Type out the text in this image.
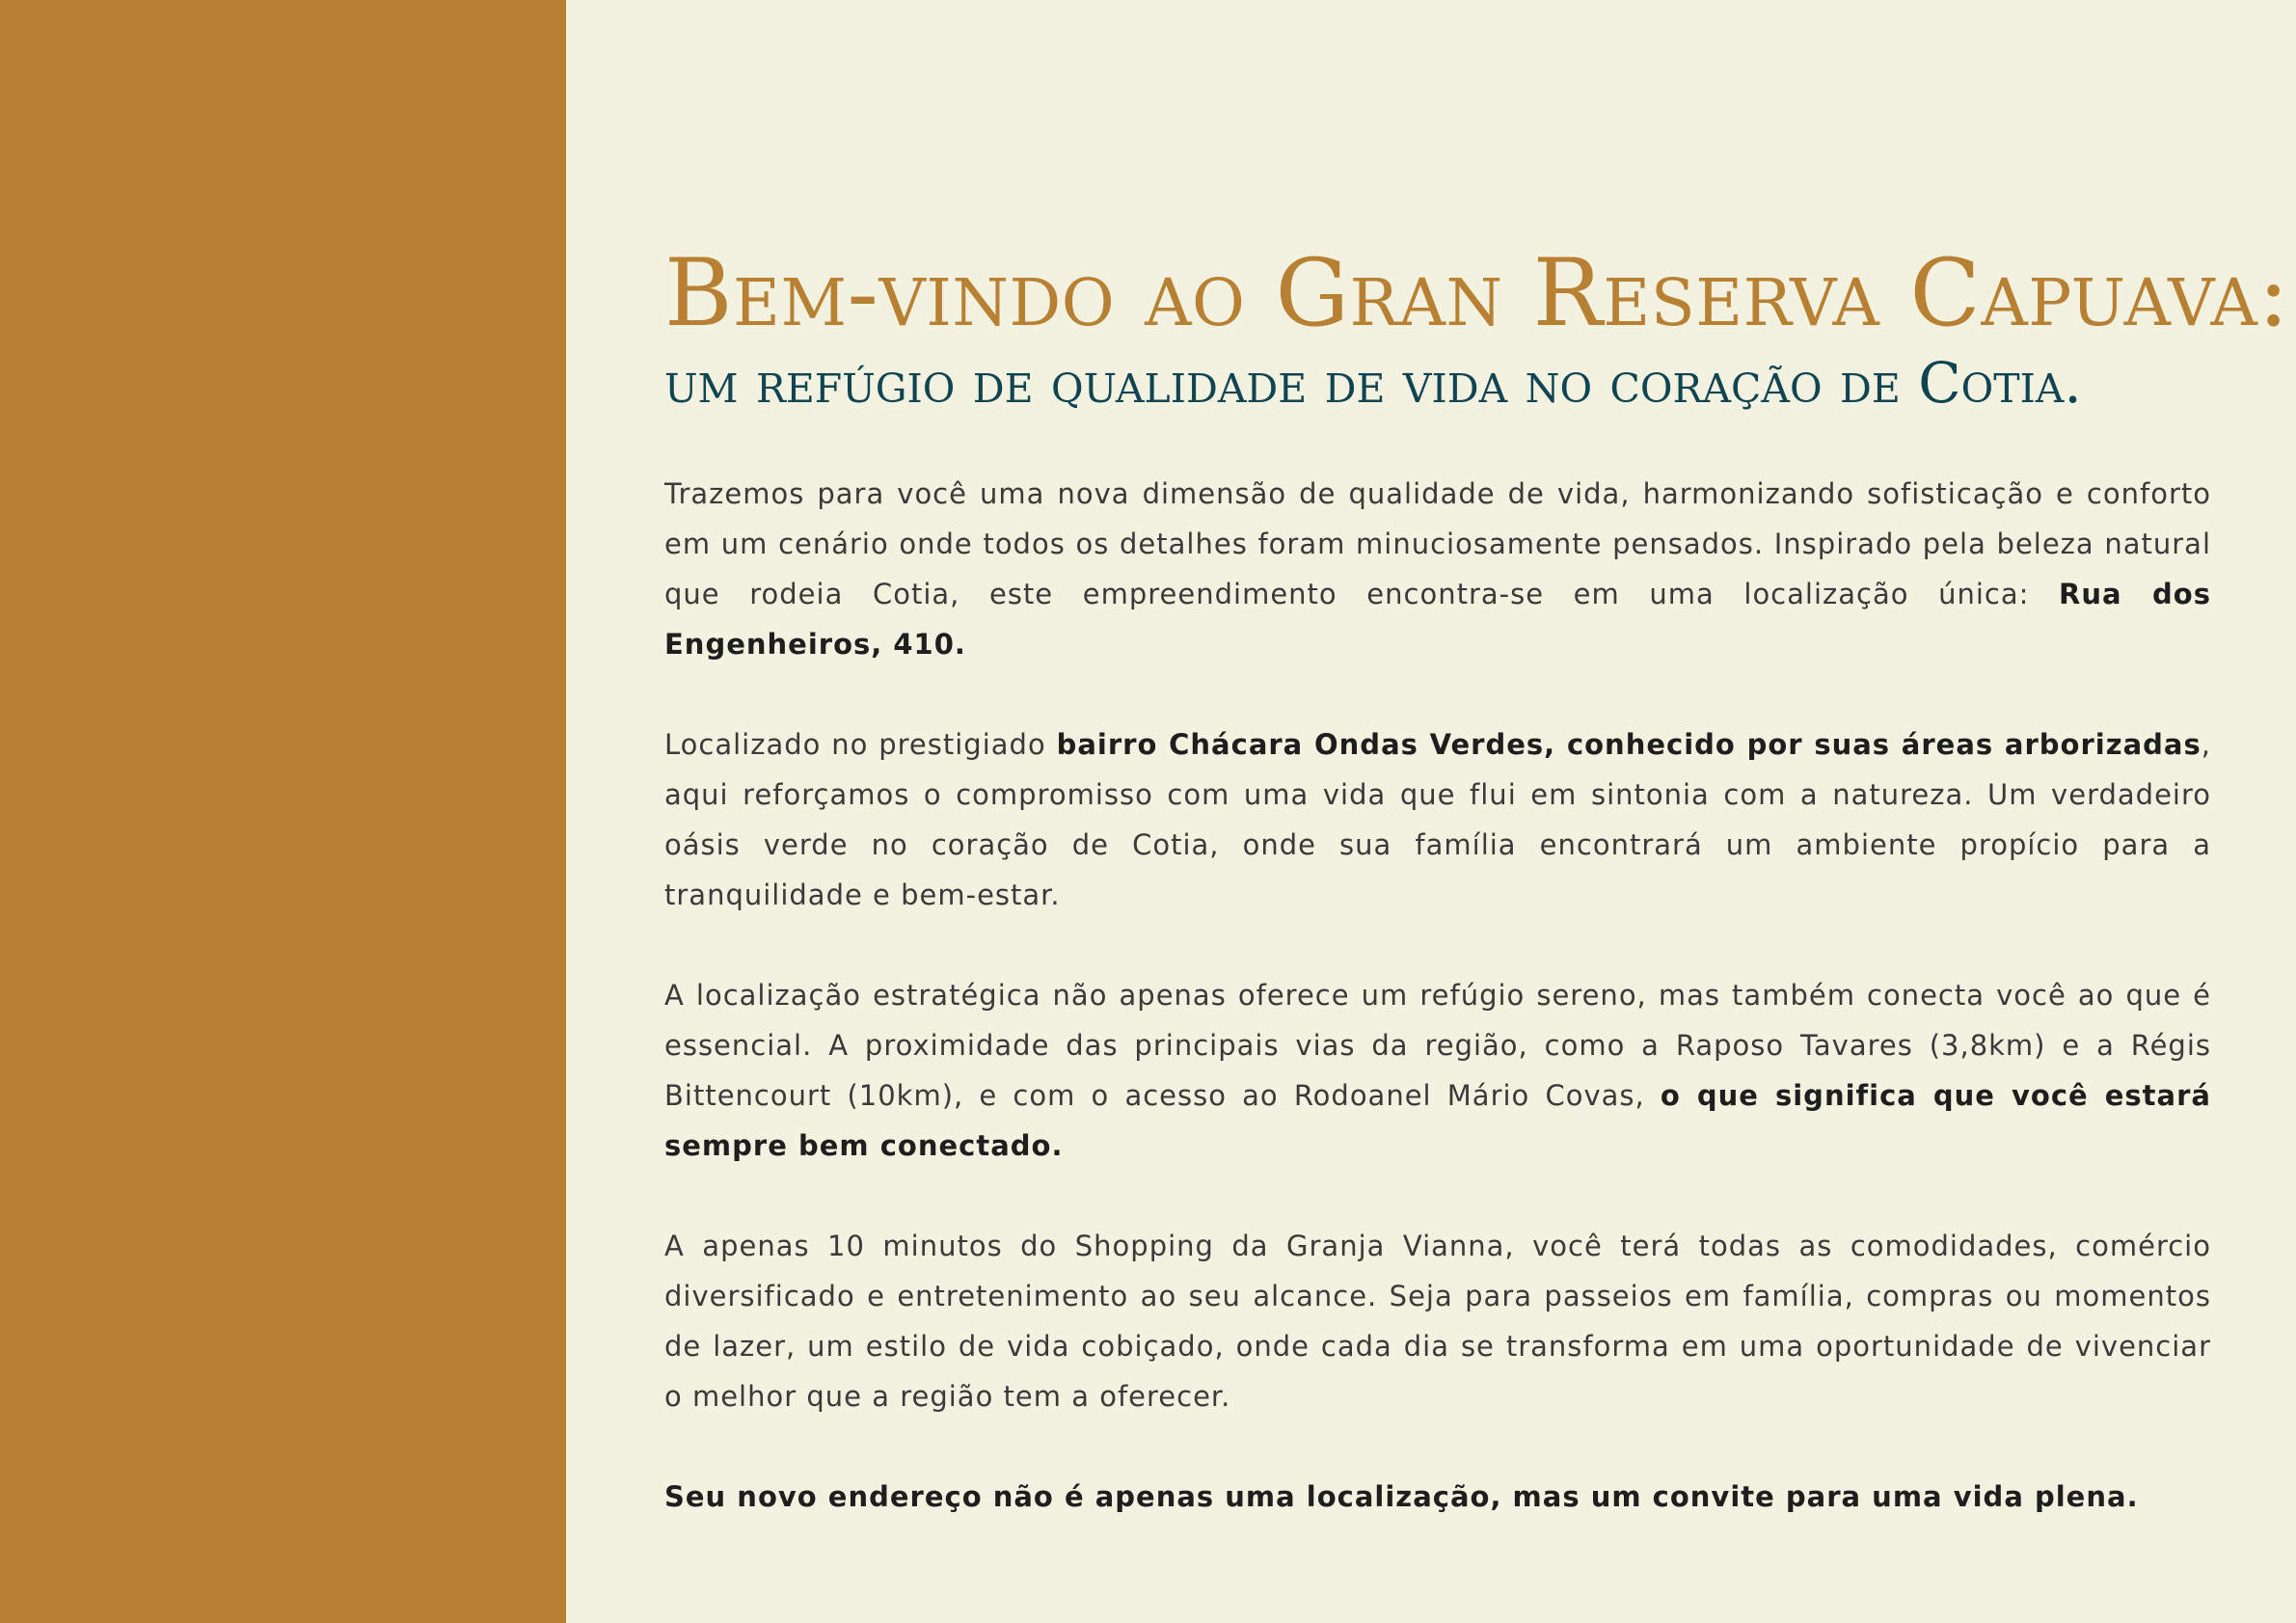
Bem-vindo ao Gran Reserva Capuava:
um refúgio de qualidade de vida no coração de Cotia.

Trazemos para você uma nova dimensão de qualidade de vida, harmonizando sofisticação e conforto em um cenário onde todos os detalhes foram minuciosamente pensados. Inspirado pela beleza natural que rodeia Cotia, este empreendimento encontra-se em uma localização única: Rua dos Engenheiros, 410.

Localizado no prestigiado bairro Chácara Ondas Verdes, conhecido por suas áreas arborizadas, aqui reforçamos o compromisso com uma vida que flui em sintonia com a natureza. Um verdadeiro oásis verde no coração de Cotia, onde sua família encontrará um ambiente propício para a tranquilidade e bem-estar.

A localização estratégica não apenas oferece um refúgio sereno, mas também conecta você ao que é essencial. A proximidade das principais vias da região, como a Raposo Tavares (3,8km) e a Régis Bittencourt (10km), e com o acesso ao Rodoanel Mário Covas, o que significa que você estará sempre bem conectado.

A apenas 10 minutos do Shopping da Granja Vianna, você terá todas as comodidades, comércio diversificado e entretenimento ao seu alcance. Seja para passeios em família, compras ou momentos de lazer, um estilo de vida cobiçado, onde cada dia se transforma em uma oportunidade de vivenciar o melhor que a região tem a oferecer.

Seu novo endereço não é apenas uma localização, mas um convite para uma vida plena.
